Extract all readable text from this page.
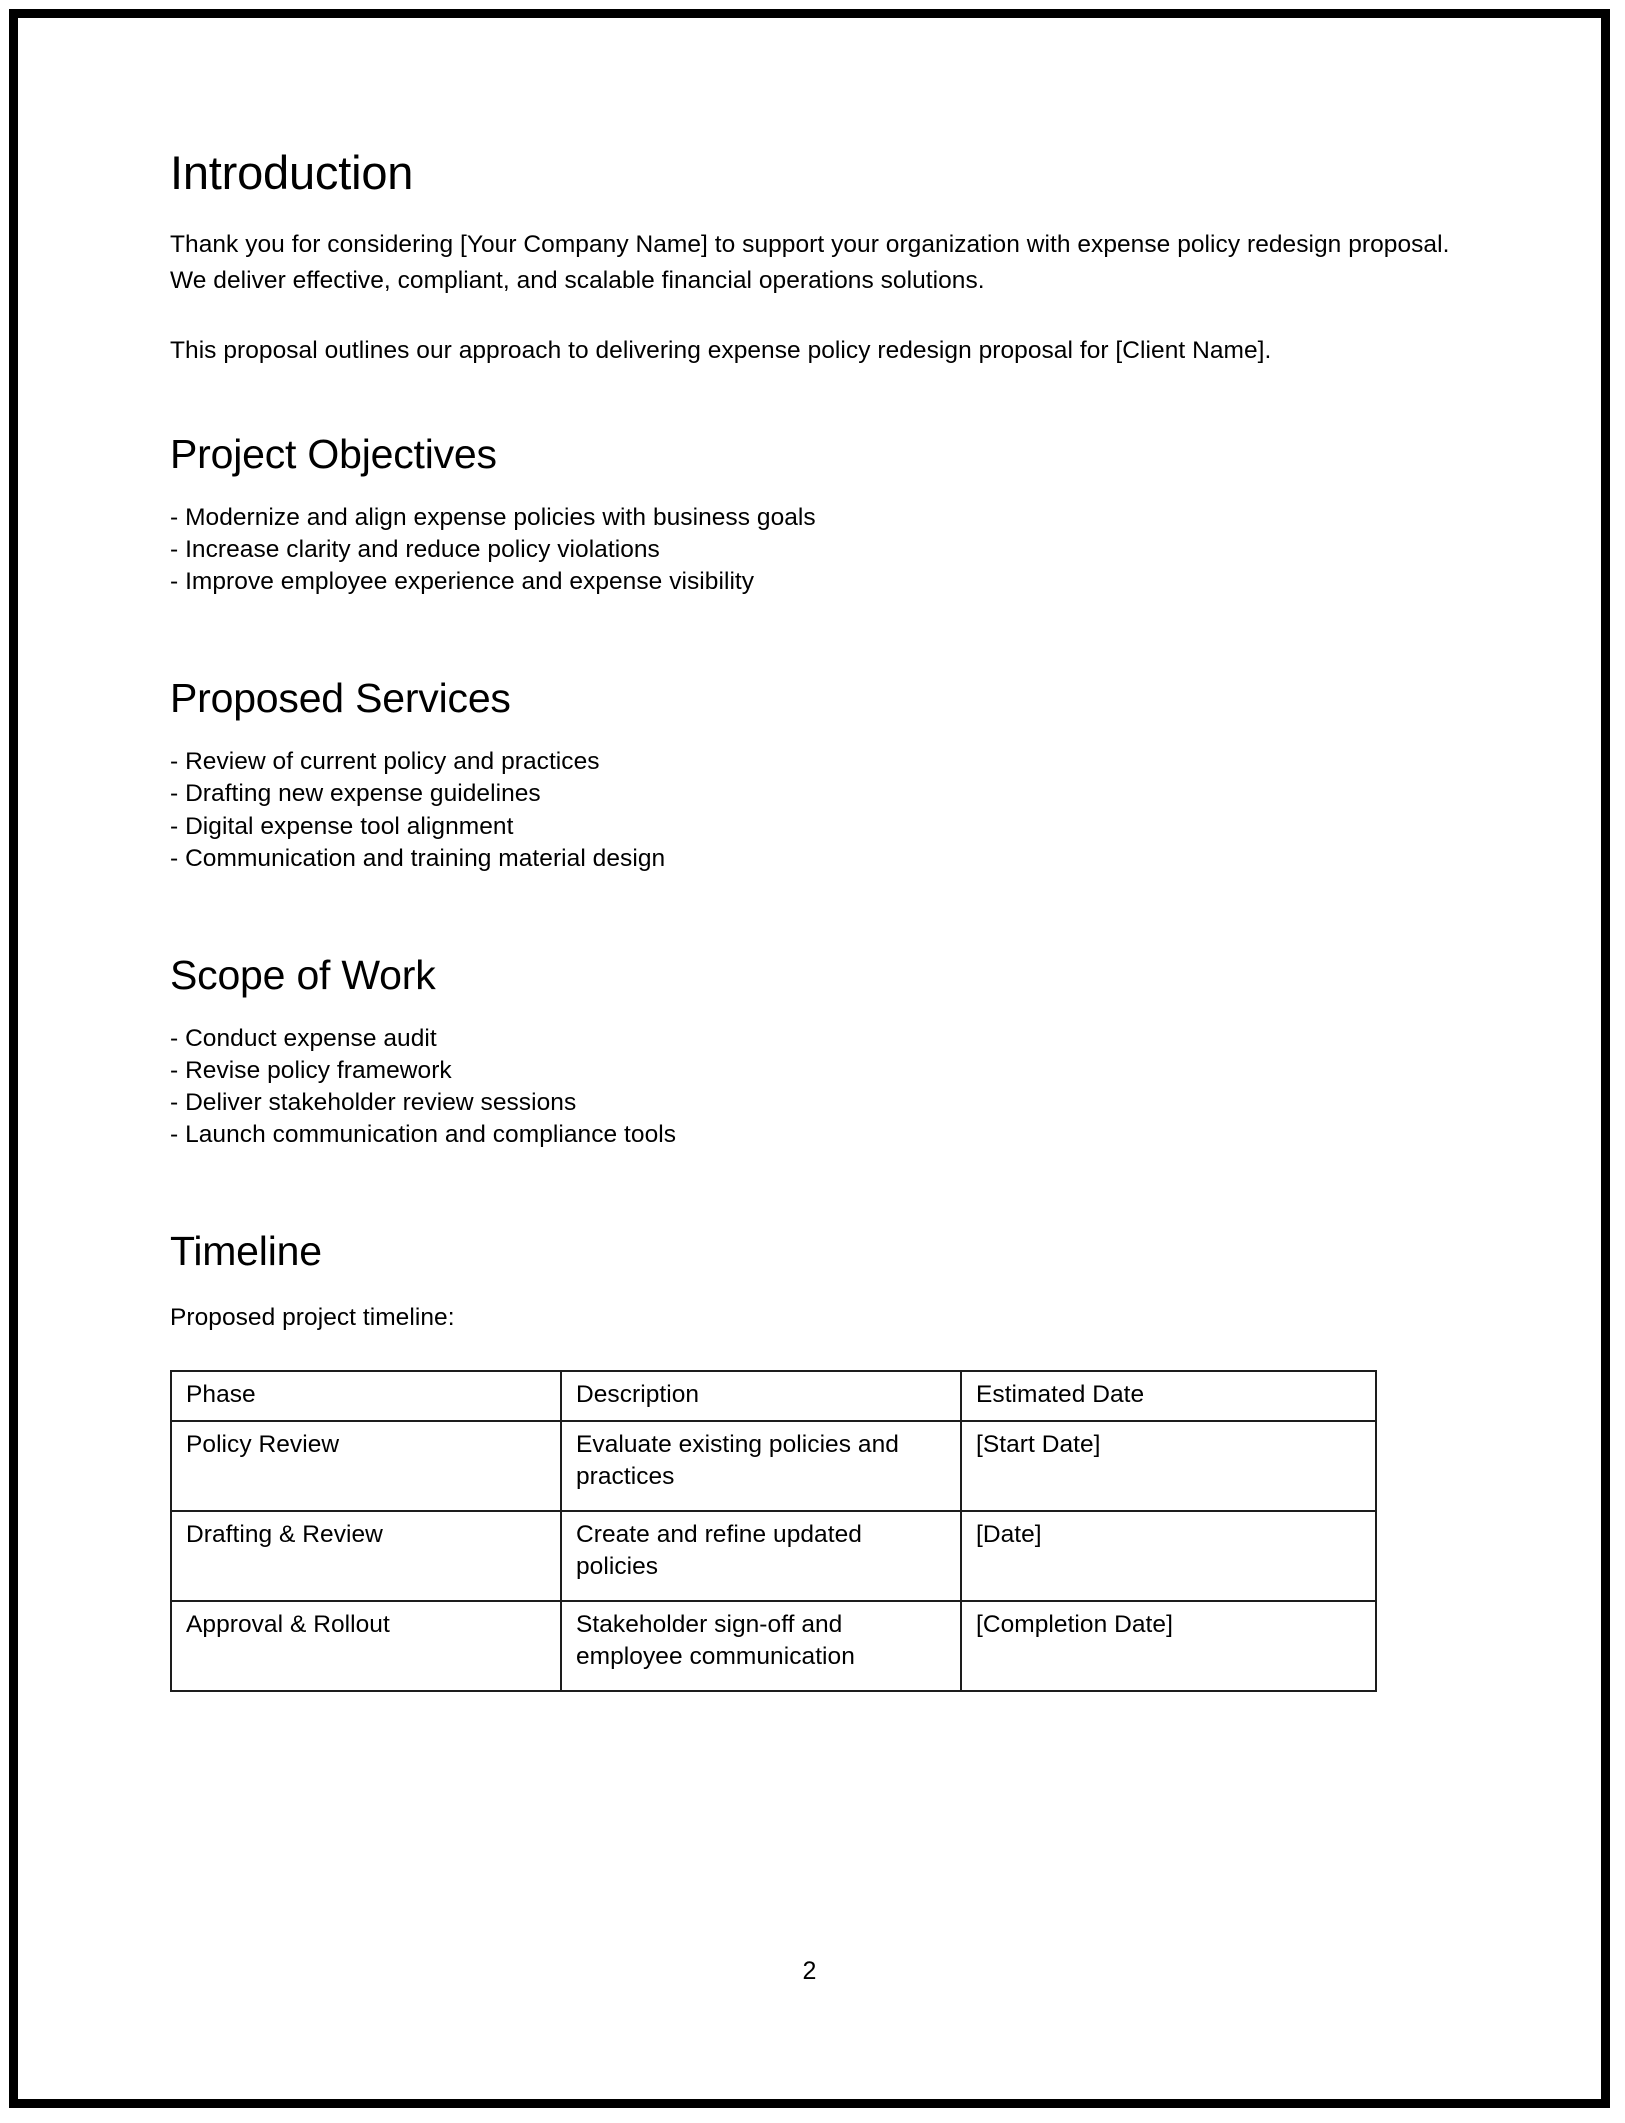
Introduction

Thank you for considering [Your Company Name] to support your organization with expense policy redesign proposal. We deliver effective, compliant, and scalable financial operations solutions.

This proposal outlines our approach to delivering expense policy redesign proposal for [Client Name].

Project Objectives
- Modernize and align expense policies with business goals
- Increase clarity and reduce policy violations
- Improve employee experience and expense visibility
Proposed Services
- Review of current policy and practices
- Drafting new expense guidelines
- Digital expense tool alignment
- Communication and training material design
Scope of Work
- Conduct expense audit
- Revise policy framework
- Deliver stakeholder review sessions
- Launch communication and compliance tools
Timeline

Proposed project timeline:

Phase	Description	Estimated Date
Policy Review	Evaluate existing policies and practices	[Start Date]
Drafting & Review	Create and refine updated policies	[Date]
Approval & Rollout	Stakeholder sign-off and employee communication	[Completion Date]
2
